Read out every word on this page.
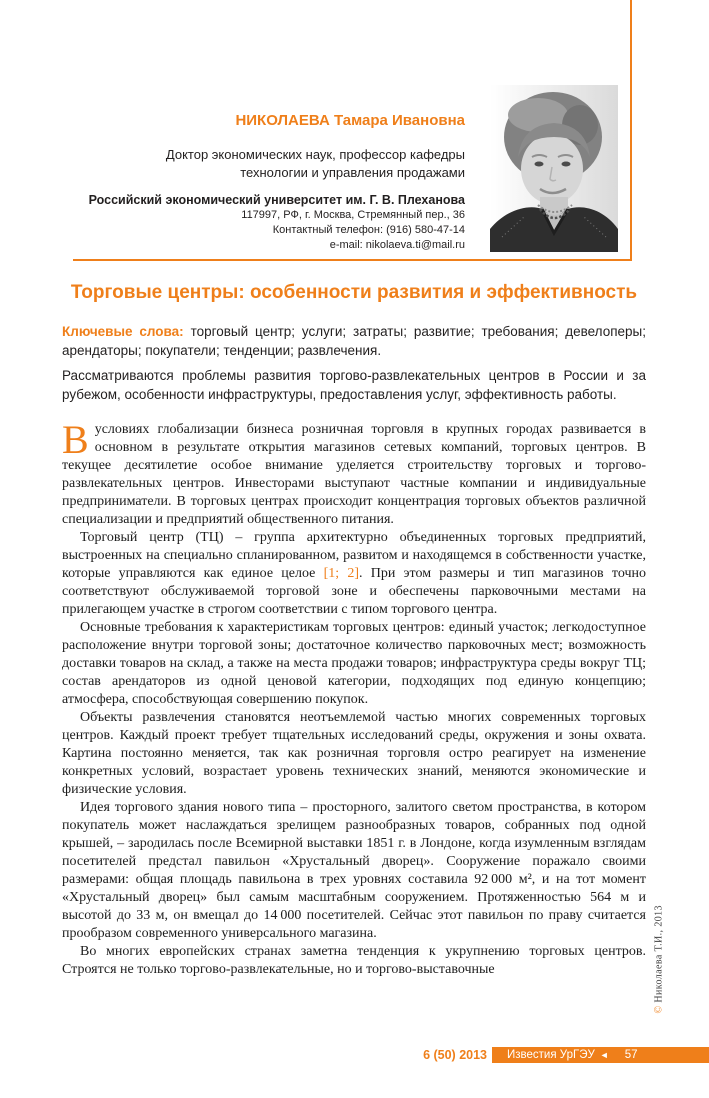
НИКОЛАЕВА Тамара Ивановна
Доктор экономических наук, профессор кафедры
технологии и управления продажами
Российский экономический университет им. Г. В. Плеханова
117997, РФ, г. Москва, Стремянный пер., 36
Контактный телефон: (916) 580-47-14
e-mail: nikolaeva.ti@mail.ru
Торговые центры: особенности развития и эффективность
Ключевые слова: торговый центр; услуги; затраты; развитие; требования; девелоперы; арендаторы; покупатели; тенденции; развлечения.
Рассматриваются проблемы развития торгово-развлекательных центров в России и за рубежом, особенности инфраструктуры, предоставления услуг, эффективность работы.

Вусловиях глобализации бизнеса розничная торговля в крупных городах развивается в основном в результате открытия магазинов сетевых компаний, торговых центров. В текущее десятилетие особое внимание уделяется строительству торговых и торгово-развлекательных центров. Инвесторами выступают частные компании и индивидуальные предприниматели. В торговых центрах происходит концентрация торговых объектов различной специализации и предприятий общественного питания.

Торговый центр (ТЦ) – группа архитектурно объединенных торговых предприятий, выстроенных на специально спланированном, развитом и находящемся в собственности участке, которые управляются как единое целое [1; 2]. При этом размеры и тип магазинов точно соответствуют обслуживаемой торговой зоне и обеспечены парковочными местами на прилегающем участке в строгом соответствии с типом торгового центра.

Основные требования к характеристикам торговых центров: единый участок; легкодоступное расположение внутри торговой зоны; достаточное количество парковочных мест; возможность доставки товаров на склад, а также на места продажи товаров; инфраструктура среды вокруг ТЦ; состав арендаторов из одной ценовой категории, подходящих под единую концепцию; атмосфера, способствующая совершению покупок.

Объекты развлечения становятся неотъемлемой частью многих современных торговых центров. Каждый проект требует тщательных исследований среды, окружения и зоны охвата. Картина постоянно меняется, так как розничная торговля остро реагирует на изменение конкретных условий, возрастает уровень технических знаний, меняются экономические и физические условия.

Идея торгового здания нового типа – просторного, залитого светом пространства, в котором покупатель может наслаждаться зрелищем разнообразных товаров, собранных под одной крышей, – зародилась после Всемирной выставки 1851 г. в Лондоне, когда изумленным взглядам посетителей предстал павильон «Хрустальный дворец». Сооружение поражало своими размерами: общая площадь павильона в трех уровнях составила 92 000 м², и на тот момент «Хрустальный дворец» был самым масштабным сооружением. Протяженностью 564 м и высотой до 33 м, он вмещал до 14 000 посетителей. Сейчас этот павильон по праву считается прообразом современного универсального магазина.

Во многих европейских странах заметна тенденция к укрупнению торговых центров. Строятся не только торгово-развлекательные, но и торгово-выставочные

© Николаева Т.И., 2013
6 (50) 2013 Известия УрГЭУ ◄ 57
